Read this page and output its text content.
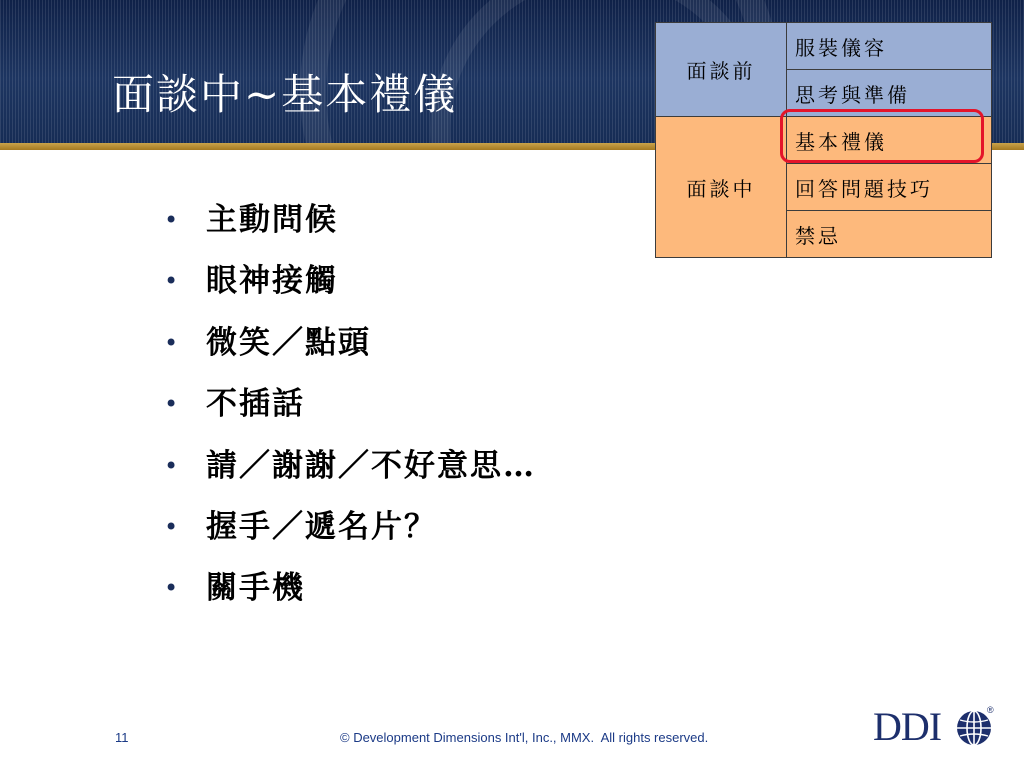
面談中~基本禮儀	面談前	服裝儀容
	思考與準備
面談中	基本禮儀
	回答問題技巧
	禁忌
• 主動問候
• 眼神接觸
• 微笑／點頭
• 不插話
• 請／謝謝／不好意思…
• 握手／遞名片？
• 關手機
11	© Development Dimensions Int'l, Inc., MMX.  All rights reserved.	DDI	®
